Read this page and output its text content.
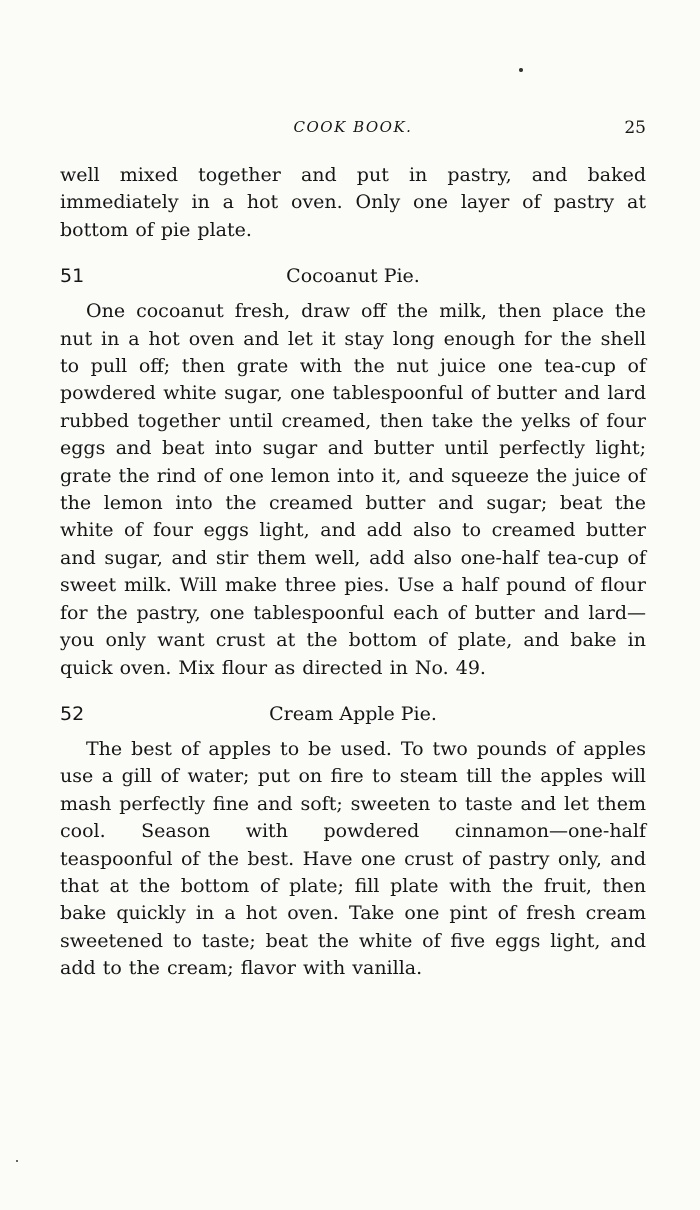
COOK BOOK.	25

well mixed together and put in pastry, and baked immediately in a hot oven. Only one layer of pastry at bottom of pie plate.

51	Cocoanut Pie.

One cocoanut fresh, draw off the milk, then place the nut in a hot oven and let it stay long enough for the shell to pull off; then grate with the nut juice one tea-cup of powdered white sugar, one tablespoonful of butter and lard rubbed together until creamed, then take the yelks of four eggs and beat into sugar and butter until perfectly light; grate the rind of one lemon into it, and squeeze the juice of the lemon into the creamed butter and sugar; beat the white of four eggs light, and add also to creamed butter and sugar, and stir them well, add also one-half tea-cup of sweet milk. Will make three pies. Use a half pound of flour for the pastry, one tablespoonful each of butter and lard—you only want crust at the bottom of plate, and bake in quick oven. Mix flour as directed in No. 49.

52	Cream Apple Pie.

The best of apples to be used. To two pounds of apples use a gill of water; put on fire to steam till the apples will mash perfectly fine and soft; sweeten to taste and let them cool. Season with powdered cinnamon—one-half teaspoonful of the best. Have one crust of pastry only, and that at the bottom of plate; fill plate with the fruit, then bake quickly in a hot oven. Take one pint of fresh cream sweetened to taste; beat the white of five eggs light, and add to the cream; flavor with vanilla.
